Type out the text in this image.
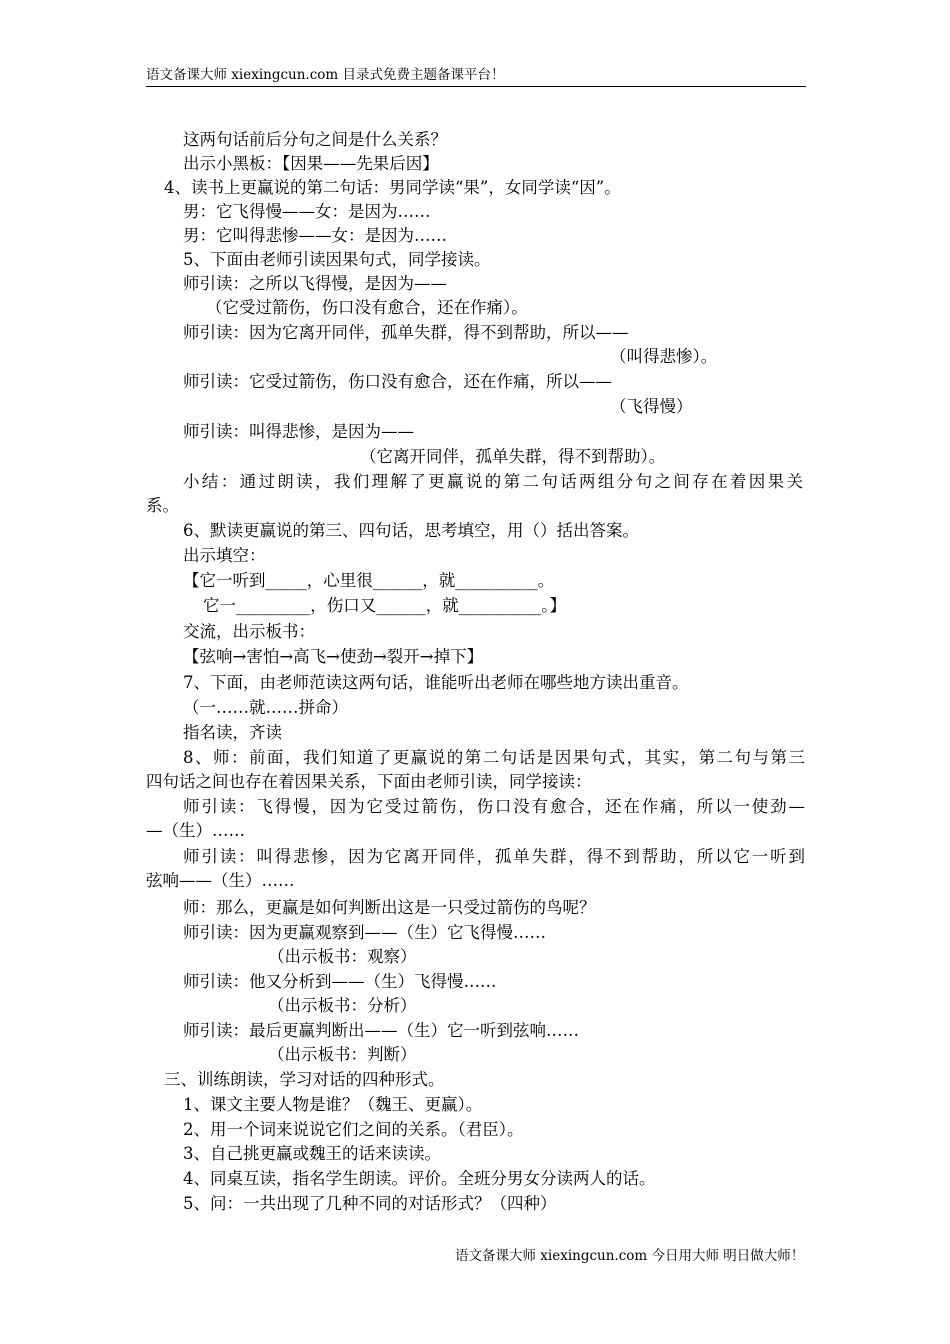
语文备课大师 xiexingcun.com 目录式免费主题备课平台！
这两句话前后分句之间是什么关系？
出示小黑板：【因果——先果后因】
4、读书上更赢说的第二句话：男同学读“果”，女同学读“因”。
男：它飞得慢——女：是因为……
男：它叫得悲惨——女：是因为……
5、下面由老师引读因果句式，同学接读。
师引读：之所以飞得慢，是因为——
（它受过箭伤，伤口没有愈合，还在作痛）。
师引读：因为它离开同伴，孤单失群，得不到帮助，所以——
（叫得悲惨）。
师引读：它受过箭伤，伤口没有愈合，还在作痛，所以——
（飞得慢）
师引读：叫得悲惨，是因为——
（它离开同伴，孤单失群，得不到帮助）。
小结：通过朗读，我们理解了更赢说的第二句话两组分句之间存在着因果关
系。
6、默读更赢说的第三、四句话，思考填空，用（）括出答案。
出示填空：
【它一听到_____，心里很______，就__________。
它一_________，伤口又______，就__________。】
交流，出示板书：
【弦响→害怕→高飞→使劲→裂开→掉下】
7、下面，由老师范读这两句话，谁能听出老师在哪些地方读出重音。
（一……就……拼命）
指名读，齐读
8、师：前面，我们知道了更赢说的第二句话是因果句式，其实，第二句与第三
四句话之间也存在着因果关系，下面由老师引读，同学接读：
师引读：飞得慢，因为它受过箭伤，伤口没有愈合，还在作痛，所以一使劲—
—（生）……
师引读：叫得悲惨，因为它离开同伴，孤单失群，得不到帮助，所以它一听到
弦响——（生）……
师：那么，更赢是如何判断出这是一只受过箭伤的鸟呢？
师引读：因为更赢观察到——（生）它飞得慢……
（出示板书：观察）
师引读：他又分析到——（生）飞得慢……
（出示板书：分析）
师引读：最后更赢判断出——（生）它一听到弦响……
（出示板书：判断）
三、训练朗读，学习对话的四种形式。
1、课文主要人物是谁？（魏王、更赢）。
2、用一个词来说说它们之间的关系。（君臣）。
3、自己挑更赢或魏王的话来读读。
4、同桌互读，指名学生朗读。评价。全班分男女分读两人的话。
5、问：一共出现了几种不同的对话形式？（四种）
语文备课大师 xiexingcun.com 今日用大师 明日做大师！
